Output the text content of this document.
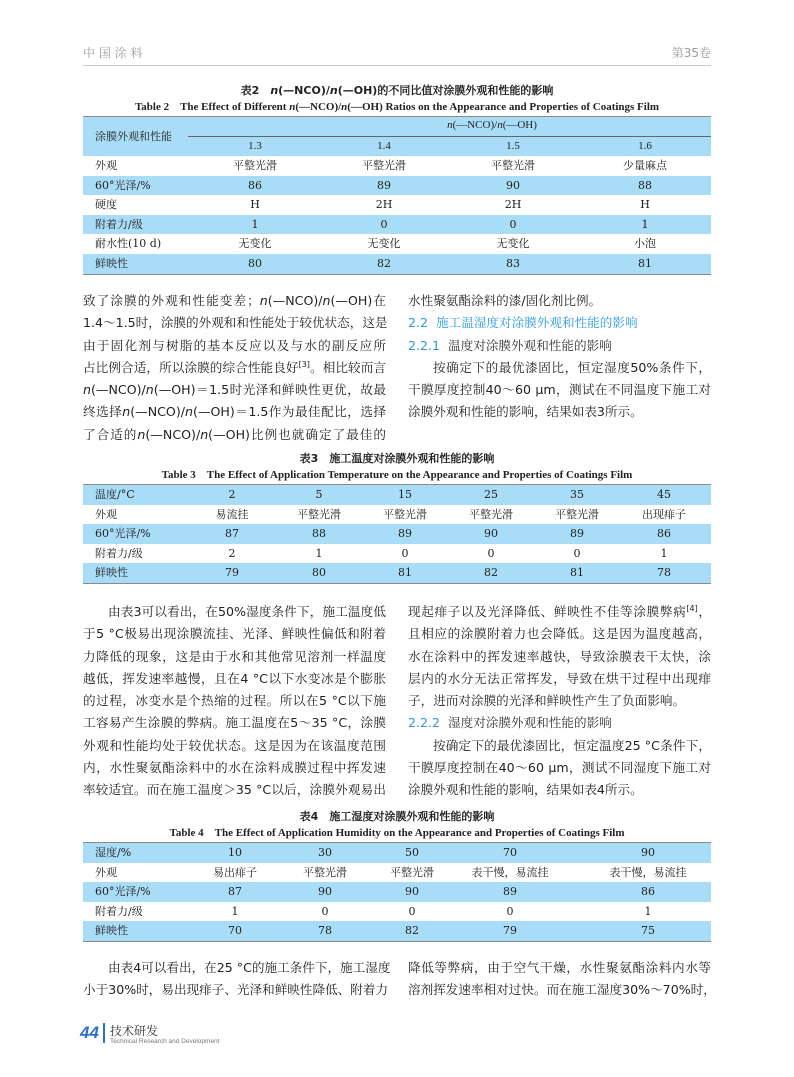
中 国 涂 料	第35卷
表2　n(—NCO)/n(—OH)的不同比值对涂膜外观和性能的影响
Table 2　The Effect of Different n(—NCO)/n(—OH) Ratios on the Appearance and Properties of Coatings Film
涂膜外观和性能
n(—NCO)/n(—OH)
1.3	1.4	1.5	1.6
外观	平整光滑	平整光滑	平整光滑	少量麻点
60°光泽/%	86	89	90	88
硬度	H	2H	2H	H
附着力/级	1	0	0	1
耐水性(10 d)	无变化	无变化	无变化	小泡
鲜映性	80	82	83	81
致了涂膜的外观和性能变差；n(—NCO)/n(—OH)在
1.4～1.5时，涂膜的外观和和性能处于较优状态，这是
由于固化剂与树脂的基本反应以及与水的副反应所
占比例合适，所以涂膜的综合性能良好[3]。相比较而言
n(—NCO)/n(—OH)＝1.5时光泽和鲜映性更优，故最
终选择n(—NCO)/n(—OH)＝1.5作为最佳配比，选择
了合适的n(—NCO)/n(—OH)比例也就确定了最佳的
水性聚氨酯涂料的漆/固化剂比例。
2.2 施工温湿度对涂膜外观和性能的影响
2.2.1 温度对涂膜外观和性能的影响
按确定下的最优漆固比，恒定湿度50%条件下，
干膜厚度控制40～60 μm，测试在不同温度下施工对
涂膜外观和性能的影响，结果如表3所示。
表3　施工温度对涂膜外观和性能的影响
Table 3　The Effect of Application Temperature on the Appearance and Properties of Coatings Film
温度/°C	2	5	15	25	35	45
外观	易流挂	平整光滑	平整光滑	平整光滑	平整光滑	出现痱子
60°光泽/%	87	88	89	90	89	86
附着力/级	2	1	0	0	0	1
鲜映性	79	80	81	82	81	78
由表3可以看出，在50%湿度条件下，施工温度低
于5 °C极易出现涂膜流挂、光泽、鲜映性偏低和附着
力降低的现象，这是由于水和其他常见溶剂一样温度
越低，挥发速率越慢，且在4 °C以下水变冰是个膨胀
的过程，冰变水是个热缩的过程。所以在5 °C以下施
工容易产生涂膜的弊病。施工温度在5～35 °C，涂膜
外观和性能均处于较优状态。这是因为在该温度范围
内，水性聚氨酯涂料中的水在涂料成膜过程中挥发速
率较适宜。而在施工温度＞35 °C以后，涂膜外观易出
现起痱子以及光泽降低、鲜映性不佳等涂膜弊病[4]，
且相应的涂膜附着力也会降低。这是因为温度越高，
水在涂料中的挥发速率越快，导致涂膜表干太快，涂
层内的水分无法正常挥发，导致在烘干过程中出现痱
子，进而对涂膜的光泽和鲜映性产生了负面影响。
2.2.2 湿度对涂膜外观和性能的影响
按确定下的最优漆固比，恒定温度25 °C条件下，
干膜厚度控制在40～60 μm，测试不同湿度下施工对
涂膜外观和性能的影响，结果如表4所示。
表4　施工湿度对涂膜外观和性能的影响
Table 4　The Effect of Application Humidity on the Appearance and Properties of Coatings Film
湿度/%	10	30	50	70	90
外观	易出痱子	平整光滑	平整光滑	表干慢，易流挂	表干慢，易流挂
60°光泽/%	87	90	90	89	86
附着力/级	1	0	0	0	1
鲜映性	70	78	82	79	75
由表4可以看出，在25 °C的施工条件下，施工湿度
小于30%时，易出现痱子、光泽和鲜映性降低、附着力
降低等弊病，由于空气干燥，水性聚氨酯涂料内水等
溶剂挥发速率相对过快。而在施工湿度30%～70%时，
44 技术研发
Technical Research and Development
